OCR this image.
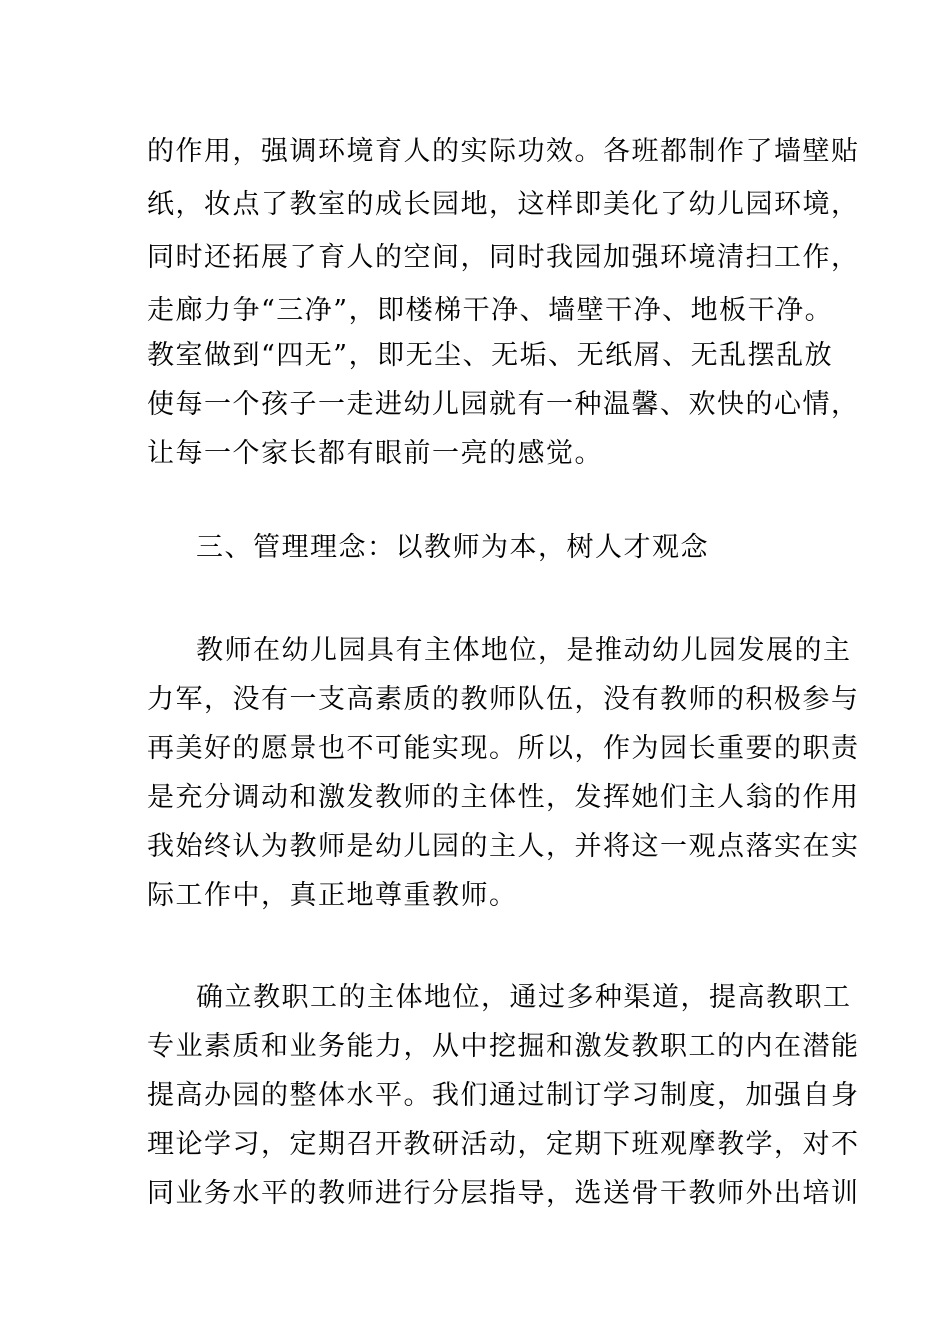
的作用，强调环境育人的实际功效。各班都制作了墙壁贴
纸，妆点了教室的成长园地，这样即美化了幼儿园环境，
同时还拓展了育人的空间，同时我园加强环境清扫工作，
走廊力争“三净”，即楼梯干净、墙壁干净、地板干净。
教室做到“四无”，即无尘、无垢、无纸屑、无乱摆乱放
使每一个孩子一走进幼儿园就有一种温馨、欢快的心情，
让每一个家长都有眼前一亮的感觉。
三、管理理念：以教师为本，树人才观念
教师在幼儿园具有主体地位，是推动幼儿园发展的主
力军，没有一支高素质的教师队伍，没有教师的积极参与
再美好的愿景也不可能实现。所以，作为园长重要的职责
是充分调动和激发教师的主体性，发挥她们主人翁的作用
我始终认为教师是幼儿园的主人，并将这一观点落实在实
际工作中，真正地尊重教师。
确立教职工的主体地位，通过多种渠道，提高教职工
专业素质和业务能力，从中挖掘和激发教职工的内在潜能
提高办园的整体水平。我们通过制订学习制度，加强自身
理论学习，定期召开教研活动，定期下班观摩教学，对不
同业务水平的教师进行分层指导，选送骨干教师外出培训
